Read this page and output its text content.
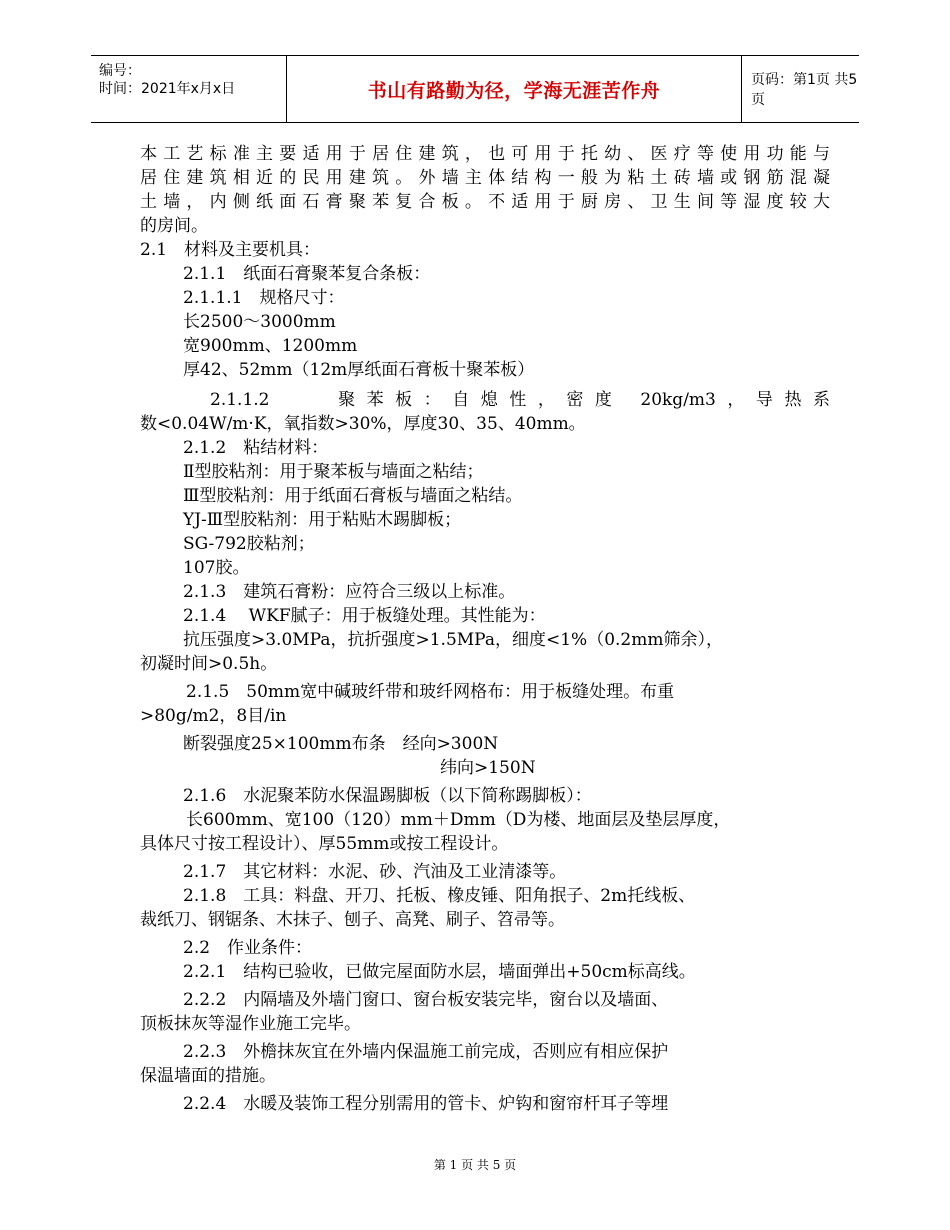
编号：
时间：2021年x月x日	书山有路勤为径，学海无涯苦作舟	页码：第1页 共5页
本工艺标准主要适用于居住建筑，也可用于托幼、医疗等使用功能与
居住建筑相近的民用建筑。外墙主体结构一般为粘土砖墙或钢筋混凝
土墙，内侧纸面石膏聚苯复合板。不适用于厨房、卫生间等湿度较大
的房间。
2.1　材料及主要机具：
2.1.1　纸面石膏聚苯复合条板：
2.1.1.1　规格尺寸：
长2500～3000mm
宽900mm、1200mm
厚42、52mm（12m厚纸面石膏板十聚苯板）
2.1.1.2　　聚苯板：自熄性，密度 20kg/m3，导热系
数<0.04W/m·K，氧指数>30%，厚度30、35、40mm。
2.1.2　粘结材料：
Ⅱ型胶粘剂：用于聚苯板与墙面之粘结；
Ⅲ型胶粘剂：用于纸面石膏板与墙面之粘结。
YJ-Ⅲ型胶粘剂：用于粘贴木踢脚板；
SG-792胶粘剂；
107胶。
2.1.3　建筑石膏粉：应符合三级以上标准。
2.1.4　 WKF腻子：用于板缝处理。其性能为：
抗压强度>3.0MPa，抗折强度>1.5MPa，细度<1%（0.2mm筛余），
初凝时间>0.5h。
2.1.5　50mm宽中碱玻纤带和玻纤网格布：用于板缝处理。布重
>80g/m2，8目/in
断裂强度25×100mm布条　经向>300N
纬向>150N
2.1.6　水泥聚苯防水保温踢脚板（以下简称踢脚板）：
长600mm、宽100（120）mm＋Dmm（D为楼、地面层及垫层厚度，
具体尺寸按工程设计）、厚55mm或按工程设计。
2.1.7　其它材料：水泥、砂、汽油及工业清漆等。
2.1.8　工具：料盘、开刀、托板、橡皮锤、阳角抿子、2m托线板、
裁纸刀、钢锯条、木抹子、刨子、高凳、刷子、笤帚等。
2.2　作业条件：
2.2.1　结构已验收，已做完屋面防水层，墙面弹出+50cm标高线。
2.2.2　内隔墙及外墙门窗口、窗台板安装完毕，窗台以及墙面、
顶板抹灰等湿作业施工完毕。
2.2.3　外檐抹灰宜在外墙内保温施工前完成，否则应有相应保护
保温墙面的措施。
2.2.4　水暖及装饰工程分别需用的管卡、炉钩和窗帘杆耳子等埋
第 1 页 共 5 页
